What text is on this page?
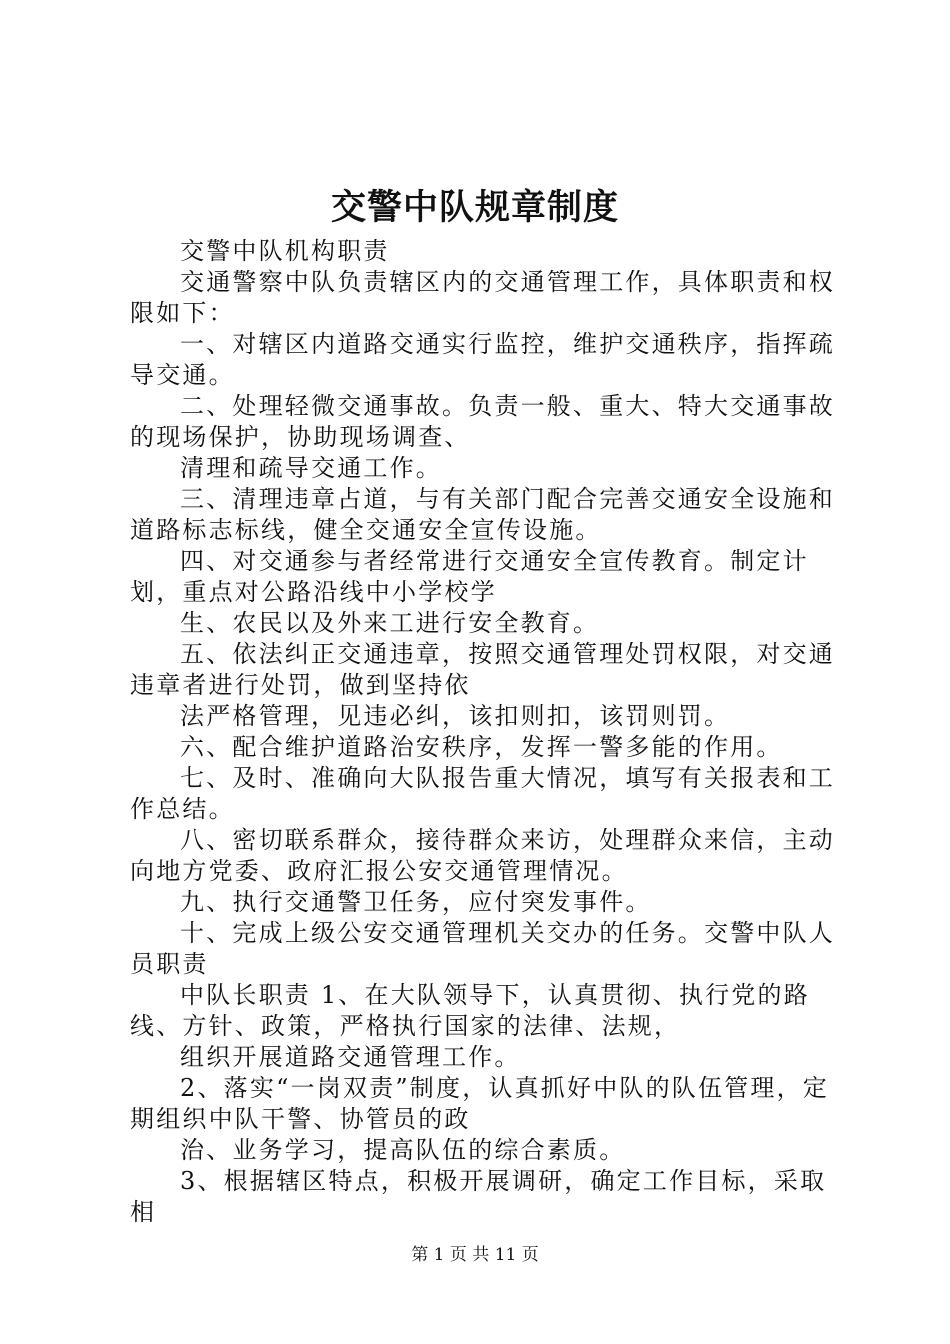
交警中队规章制度

交警中队机构职责

交通警察中队负责辖区内的交通管理工作，具体职责和权限如下：

一、对辖区内道路交通实行监控，维护交通秩序，指挥疏导交通。

二、处理轻微交通事故。负责一般、重大、特大交通事故的现场保护，协助现场调查、

清理和疏导交通工作。

三、清理违章占道，与有关部门配合完善交通安全设施和道路标志标线，健全交通安全宣传设施。

四、对交通参与者经常进行交通安全宣传教育。制定计划，重点对公路沿线中小学校学

生、农民以及外来工进行安全教育。

五、依法纠正交通违章，按照交通管理处罚权限，对交通违章者进行处罚，做到坚持依

法严格管理，见违必纠，该扣则扣，该罚则罚。

六、配合维护道路治安秩序，发挥一警多能的作用。

七、及时、准确向大队报告重大情况，填写有关报表和工作总结。

八、密切联系群众，接待群众来访，处理群众来信，主动向地方党委、政府汇报公安交通管理情况。

九、执行交通警卫任务，应付突发事件。

十、完成上级公安交通管理机关交办的任务。交警中队人员职责

中队长职责 1、在大队领导下，认真贯彻、执行党的路线、方针、政策，严格执行国家的法律、法规，

组织开展道路交通管理工作。

2、落实“一岗双责”制度，认真抓好中队的队伍管理，定期组织中队干警、协管员的政

治、业务学习，提高队伍的综合素质。

3、根据辖区特点，积极开展调研，确定工作目标，采取相

第 1 页 共 11 页
